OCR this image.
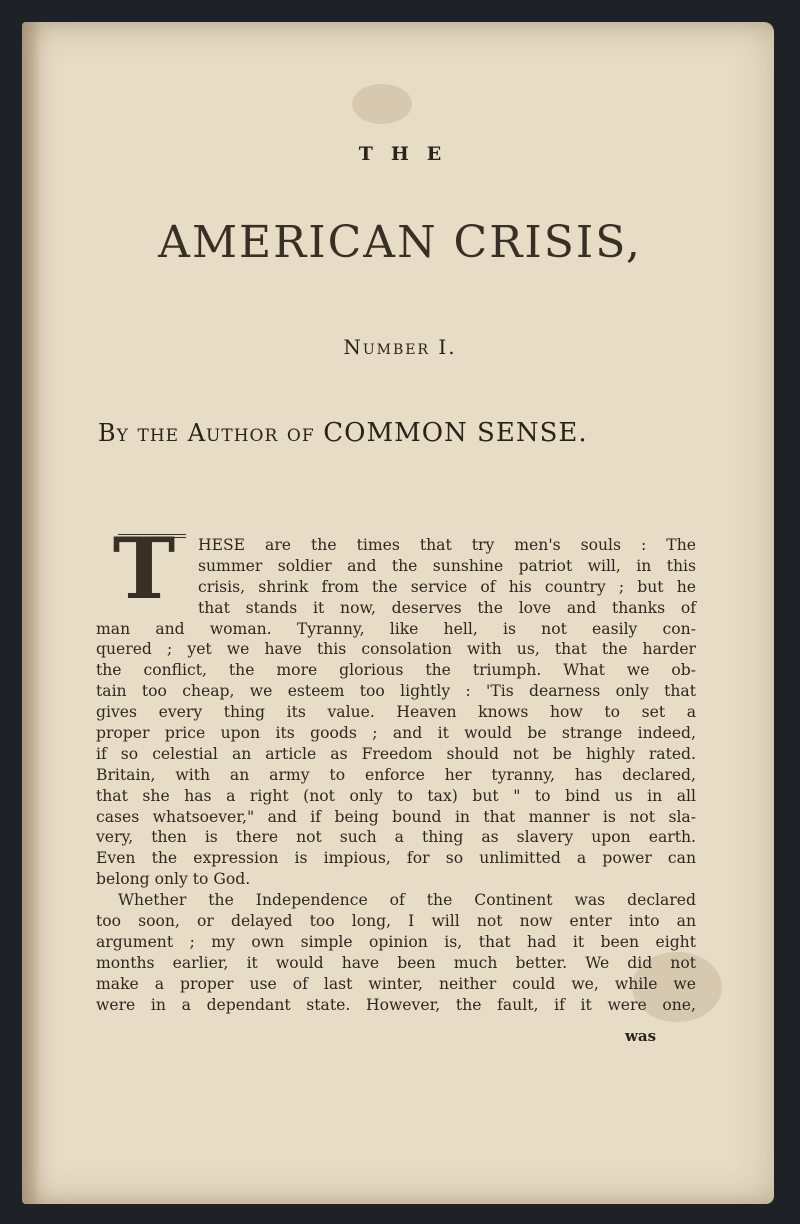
THE
AMERICAN CRISIS,
Number I.
By the Author of COMMON SENSE.
T	HESE are the times that try men's souls : The
summer soldier and the sunshine patriot will, in this
crisis, shrink from the service of his country ; but he
that stands it now, deserves the love and thanks of
man and woman. Tyranny, like hell, is not easily con-
quered ; yet we have this consolation with us, that the harder
the conflict, the more glorious the triumph. What we ob-
tain too cheap, we esteem too lightly : 'Tis dearness only that
gives every thing its value. Heaven knows how to set a
proper price upon its goods ; and it would be strange indeed,
if so celestial an article as Freedom should not be highly rated.
Britain, with an army to enforce her tyranny, has declared,
that she has a right (not only to tax) but " to bind us in all
cases whatsoever," and if being bound in that manner is not sla-
very, then is there not such a thing as slavery upon earth.
Even the expression is impious, for so unlimitted a power can
belong only to God.
Whether the Independence of the Continent was declared
too soon, or delayed too long, I will not now enter into an
argument ; my own simple opinion is, that had it been eight
months earlier, it would have been much better. We did not
make a proper use of last winter, neither could we, while we
were in a dependant state. However, the fault, if it were one,
was
